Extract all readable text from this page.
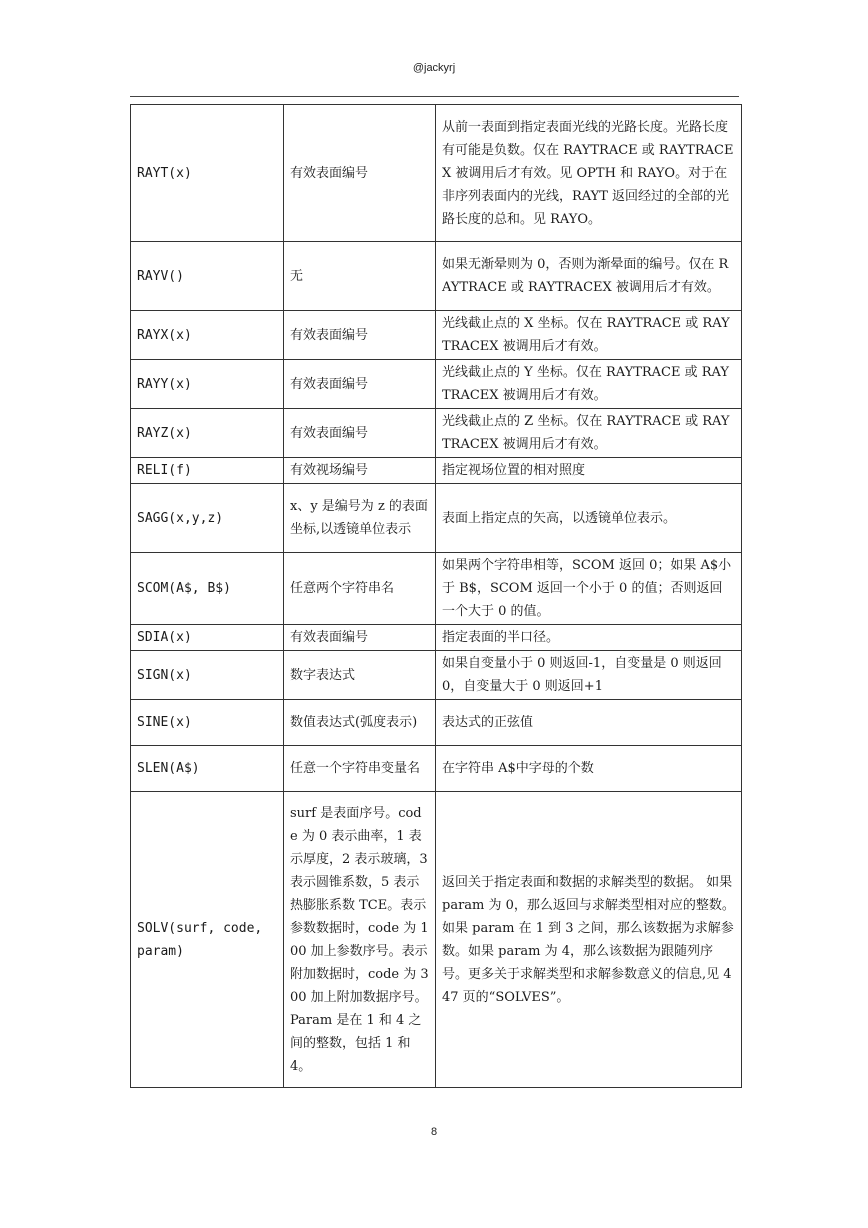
@jackyrj
RAYT(x)	有效表面编号	从前一表面到指定表面光线的光路长度。光路长度有可能是负数。仅在 RAYTRACE 或 RAYTRACEX 被调用后才有效。见 OPTH 和 RAYO。对于在非序列表面内的光线，RAYT 返回经过的全部的光路长度的总和。见 RAYO。
RAYV()	无	如果无渐晕则为 0，否则为渐晕面的编号。仅在 RAYTRACE 或 RAYTRACEX 被调用后才有效。
RAYX(x)	有效表面编号	光线截止点的 X 坐标。仅在 RAYTRACE 或 RAYTRACEX 被调用后才有效。
RAYY(x)	有效表面编号	光线截止点的 Y 坐标。仅在 RAYTRACE 或 RAYTRACEX 被调用后才有效。
RAYZ(x)	有效表面编号	光线截止点的 Z 坐标。仅在 RAYTRACE 或 RAYTRACEX 被调用后才有效。
RELI(f)	有效视场编号	指定视场位置的相对照度
SAGG(x,y,z)	x、y 是编号为 z 的表面坐标,以透镜单位表示	表面上指定点的矢高，以透镜单位表示。
SCOM(A$, B$)	任意两个字符串名	如果两个字符串相等，SCOM 返回 0；如果 A$小于 B$，SCOM 返回一个小于 0 的值；否则返回一个大于 0 的值。
SDIA(x)	有效表面编号	指定表面的半口径。
SIGN(x)	数字表达式	如果自变量小于 0 则返回-1，自变量是 0 则返回 0，自变量大于 0 则返回+1
SINE(x)	数值表达式(弧度表示)	表达式的正弦值
SLEN(A$)	任意一个字符串变量名	在字符串 A$中字母的个数
SOLV(surf, code, param)	surf 是表面序号。code 为 0 表示曲率，1 表示厚度，2 表示玻璃，3 表示圆锥系数，5 表示热膨胀系数 TCE。表示参数数据时，code 为 100 加上参数序号。表示附加数据时，code 为 300 加上附加数据序号。Param 是在 1 和 4 之间的整数，包括 1 和 4。	返回关于指定表面和数据的求解类型的数据。 如果 param 为 0，那么返回与求解类型相对应的整数。如果 param 在 1 到 3 之间，那么该数据为求解参数。如果 param 为 4，那么该数据为跟随列序号。更多关于求解类型和求解参数意义的信息,见 447 页的“SOLVES”。
8
